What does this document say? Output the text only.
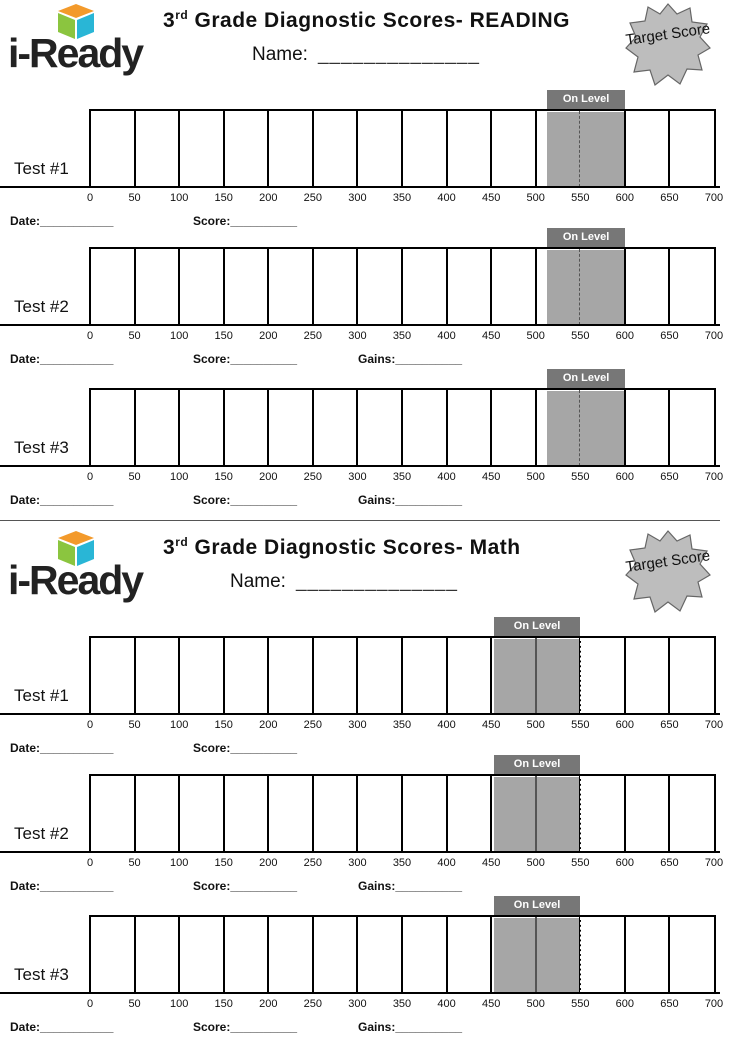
i-Ready
3rd Grade Diagnostic Scores- READING
Name: ______________
Target Score
On Level
0	50	100	150	200	250	300	350	400	450	500	550	600	650	700
Test #1
Date:___________	Score:__________
On Level
0	50	100	150	200	250	300	350	400	450	500	550	600	650	700
Test #2
Date:___________	Score:__________	Gains:__________
On Level
0	50	100	150	200	250	300	350	400	450	500	550	600	650	700
Test #3
Date:___________	Score:__________	Gains:__________
i-Ready
3rd Grade Diagnostic Scores- Math
Name: ______________
Target Score
On Level
0	50	100	150	200	250	300	350	400	450	500	550	600	650	700
Test #1
Date:___________	Score:__________
On Level
0	50	100	150	200	250	300	350	400	450	500	550	600	650	700
Test #2
Date:___________	Score:__________	Gains:__________
On Level
0	50	100	150	200	250	300	350	400	450	500	550	600	650	700
Test #3
Date:___________	Score:__________	Gains:__________
